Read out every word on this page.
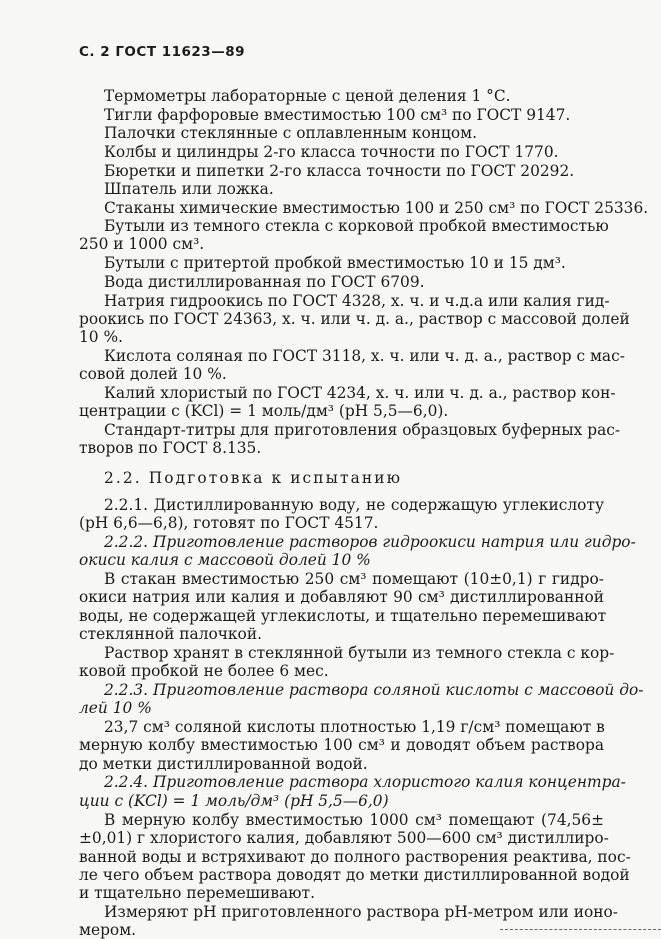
С. 2 ГОСТ 11623—89
Термометры лабораторные с ценой деления 1 °С.
Тигли фарфоровые вместимостью 100 см³ по ГОСТ 9147.
Палочки стеклянные с оплавленным концом.
Колбы и цилиндры 2-го класса точности по ГОСТ 1770.
Бюретки и пипетки 2-го класса точности по ГОСТ 20292.
Шпатель или ложка.
Стаканы химические вместимостью 100 и 250 см³ по ГОСТ 25336.
Бутыли из темного стекла с корковой пробкой вместимостью
250 и 1000 см³.
Бутыли с притертой пробкой вместимостью 10 и 15 дм³.
Вода дистиллированная по ГОСТ 6709.
Натрия гидроокись по ГОСТ 4328, х. ч. и ч.д.а или калия гид-
роокись по ГОСТ 24363, х. ч. или ч. д. а., раствор с массовой долей
10 %.
Кислота соляная по ГОСТ 3118, х. ч. или ч. д. а., раствор с мас-
совой долей 10 %.
Калий хлористый по ГОСТ 4234, х. ч. или ч. д. а., раствор кон-
центрации c (KCl) = 1 моль/дм³ (рН 5,5—6,0).
Стандарт-титры для приготовления образцовых буферных рас-
творов по ГОСТ 8.135.
2.2. Подготовка к испытанию
2.2.1. Дистиллированную воду, не содержащую углекислоту
(рН 6,6—6,8), готовят по ГОСТ 4517.
2.2.2. Приготовление растворов гидроокиси натрия или гидро-
окиси калия с массовой долей 10 %
В стакан вместимостью 250 см³ помещают (10±0,1) г гидро-
окиси натрия или калия и добавляют 90 см³ дистиллированной
воды, не содержащей углекислоты, и тщательно перемешивают
стеклянной палочкой.
Раствор хранят в стеклянной бутыли из темного стекла с кор-
ковой пробкой не более 6 мес.
2.2.3. Приготовление раствора соляной кислоты с массовой до-
лей 10 %
23,7 см³ соляной кислоты плотностью 1,19 г/см³ помещают в
мерную колбу вместимостью 100 см³ и доводят объем раствора
до метки дистиллированной водой.
2.2.4. Приготовление раствора хлористого калия концентра-
ции c (KCl) = 1 моль/дм³ (рН 5,5—6,0)
В мерную колбу вместимостью 1000 см³ помещают (74,56±
±0,01) г хлористого калия, добавляют 500—600 см³ дистиллиро-
ванной воды и встряхивают до полного растворения реактива, пос-
ле чего объем раствора доводят до метки дистиллированной водой
и тщательно перемешивают.
Измеряют рН приготовленного раствора рН-метром или ионо-
мером.
